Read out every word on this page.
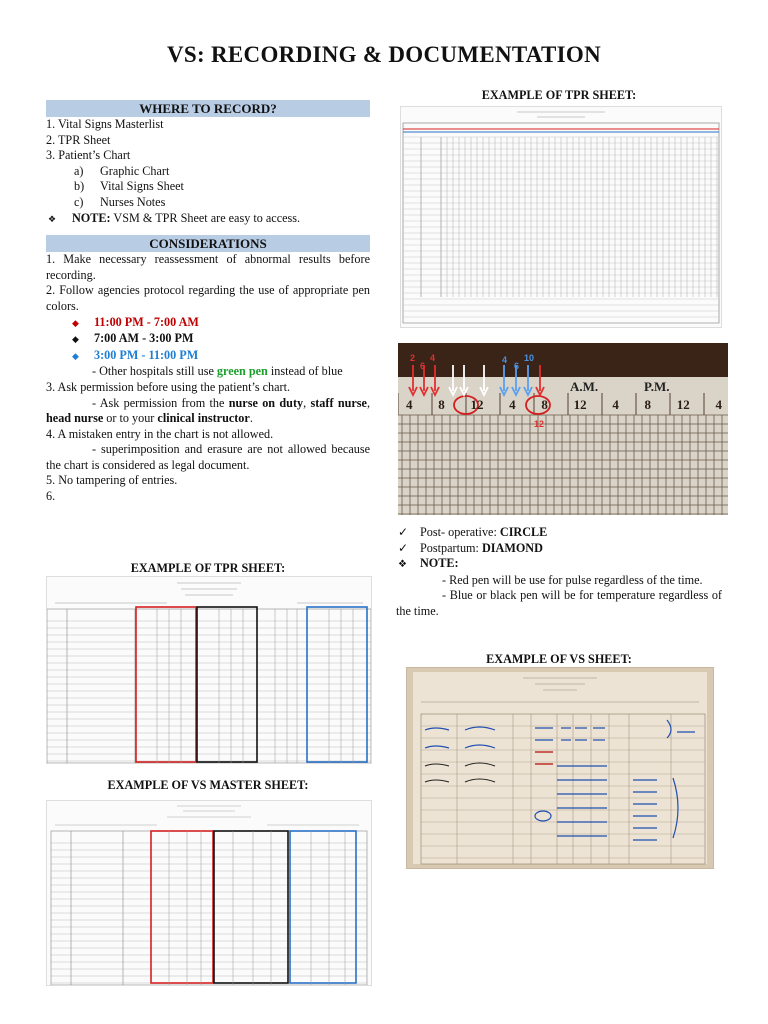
VS: RECORDING & DOCUMENTATION
WHERE TO RECORD?
1. Vital Signs Masterlist
2. TPR Sheet
3. Patient’s Chart
a)	Graphic Chart
b)	Vital Signs Sheet
c)	Nurses Notes
❖ NOTE: VSM & TPR Sheet are easy to access.
CONSIDERATIONS
1. Make necessary reassessment of abnormal results before recording.
2. Follow agencies protocol regarding the use of appropriate pen colors.
◆	11:00 PM - 7:00 AM
◆	7:00 AM - 3:00 PM
◆	3:00 PM - 11:00 PM
- Other hospitals still use green pen instead of blue
3. Ask permission before using the patient’s chart.
- Ask permission from the nurse on duty, staff nurse, head nurse or to your clinical instructor.
4. A mistaken entry in the chart is not allowed.
- superimposition and erasure are not allowed because the chart is considered as legal document.
5. No tampering of entries.
6.
EXAMPLE OF TPR SHEET:
EXAMPLE OF VS MASTER SHEET:
EXAMPLE OF TPR SHEET:
A.M.	P.M.
4 8 12 4 8 12 4 8 12 4
2 4
6
4
6
10
12
✓ Post- operative:
CIRCLE
✓ Postpartum:
DIAMOND
❖	NOTE:
- Red pen will be use for pulse regardless of the time.
- Blue or black pen will be for temperature regardless of the time.
EXAMPLE OF VS SHEET:
